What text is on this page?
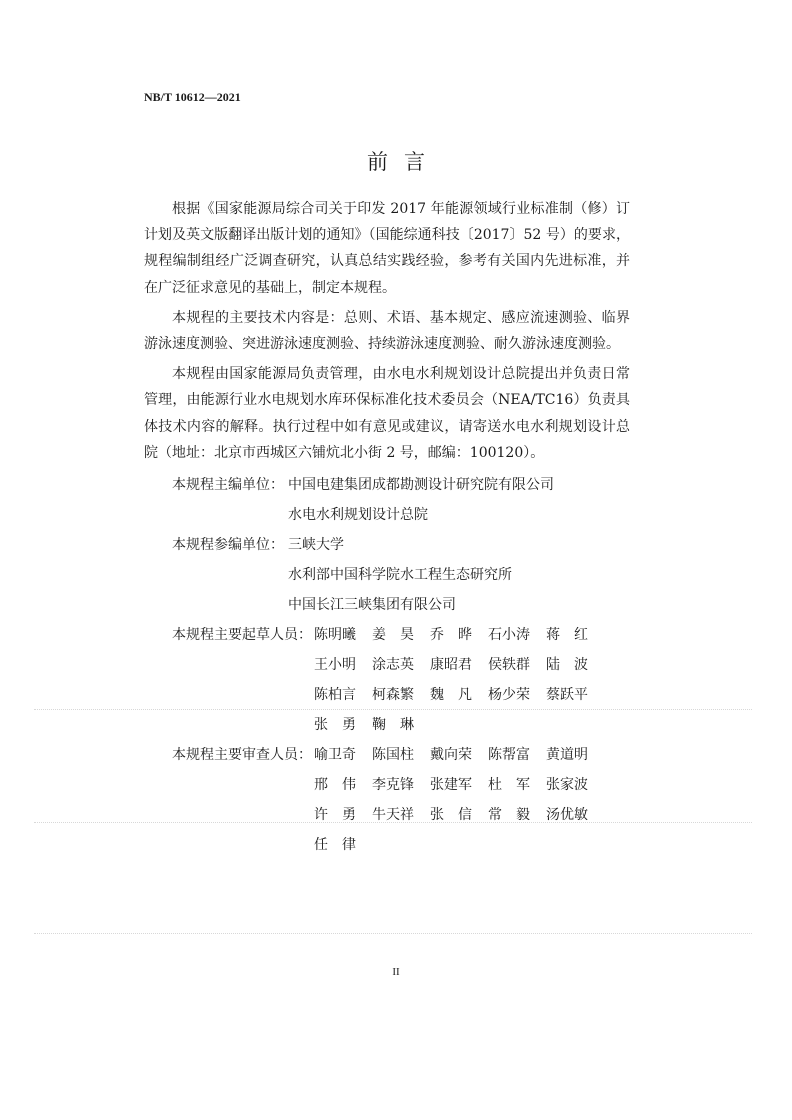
NB/T 10612—2021
前言

根据《国家能源局综合司关于印发 2017 年能源领域行业标准制（修）订计划及英文版翻译出版计划的通知》（国能综通科技〔2017〕52 号）的要求，规程编制组经广泛调查研究，认真总结实践经验，参考有关国内先进标准，并在广泛征求意见的基础上，制定本规程。

本规程的主要技术内容是：总则、术语、基本规定、感应流速测验、临界游泳速度测验、突进游泳速度测验、持续游泳速度测验、耐久游泳速度测验。

本规程由国家能源局负责管理，由水电水利规划设计总院提出并负责日常管理，由能源行业水电规划水库环保标准化技术委员会（NEA/TC16）负责具体技术内容的解释。执行过程中如有意见或建议，请寄送水电水利规划设计总院（地址：北京市西城区六铺炕北小街 2 号，邮编：100120）。

本规程主编单位： 中国电建集团成都勘测设计研究院有限公司
水电水利规划设计总院
本规程参编单位： 三峡大学
水利部中国科学院水工程生态研究所
中国长江三峡集团有限公司
本规程主要起草人员： 陈明曦	姜　昊	乔　晔	石小涛	蒋　红
王小明	涂志英	康昭君	侯轶群	陆　波
陈柏言	柯森繁	魏　凡	杨少荣	蔡跃平
张　勇	鞠　琳
本规程主要审查人员： 喻卫奇	陈国柱	戴向荣	陈帮富	黄道明
邢　伟	李克锋	张建军	杜　军	张家波
许　勇	牛天祥	张　信	常　毅	汤优敏
任　律
II
